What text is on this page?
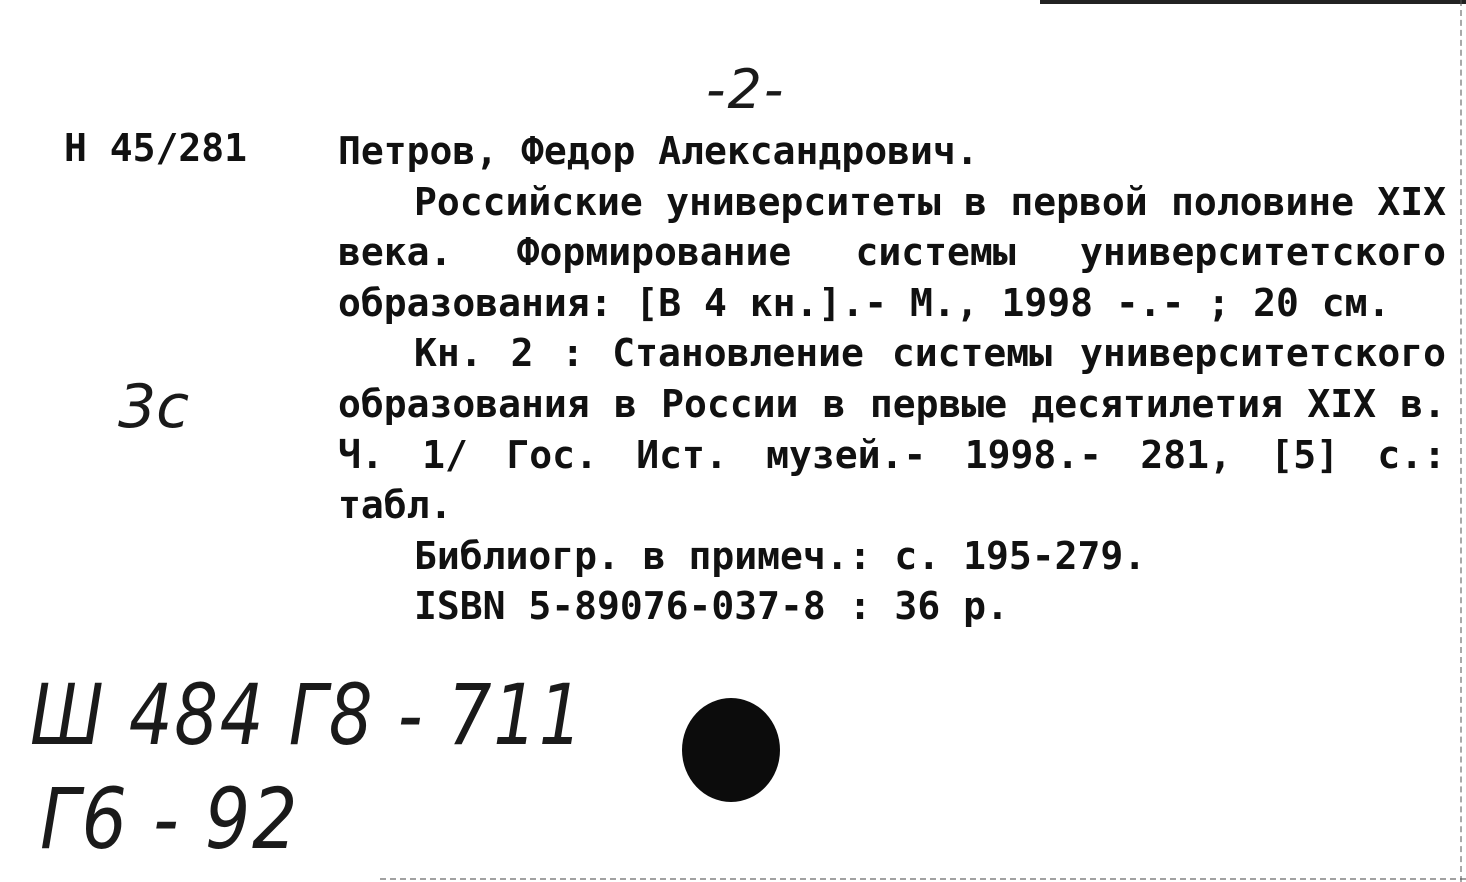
-2-
Н 45/281 Петров, Федор Александрович.

Российские университеты в первой половине XIX века. Формирование системы университетского образования: [В 4 кн.].- М., 1998 -.- ; 20 см.

Кн. 2 : Становление системы университетского образования в России в первые десятилетия XIX в. Ч. 1/ Гос. Ист. музей.- 1998.- 281, [5] с.: табл.

Библиогр. в примеч.: с. 195-279.

ISBN 5-89076-037-8 : 36 р.

3с
Ш 484 Г8 - 711
Г6 - 92
